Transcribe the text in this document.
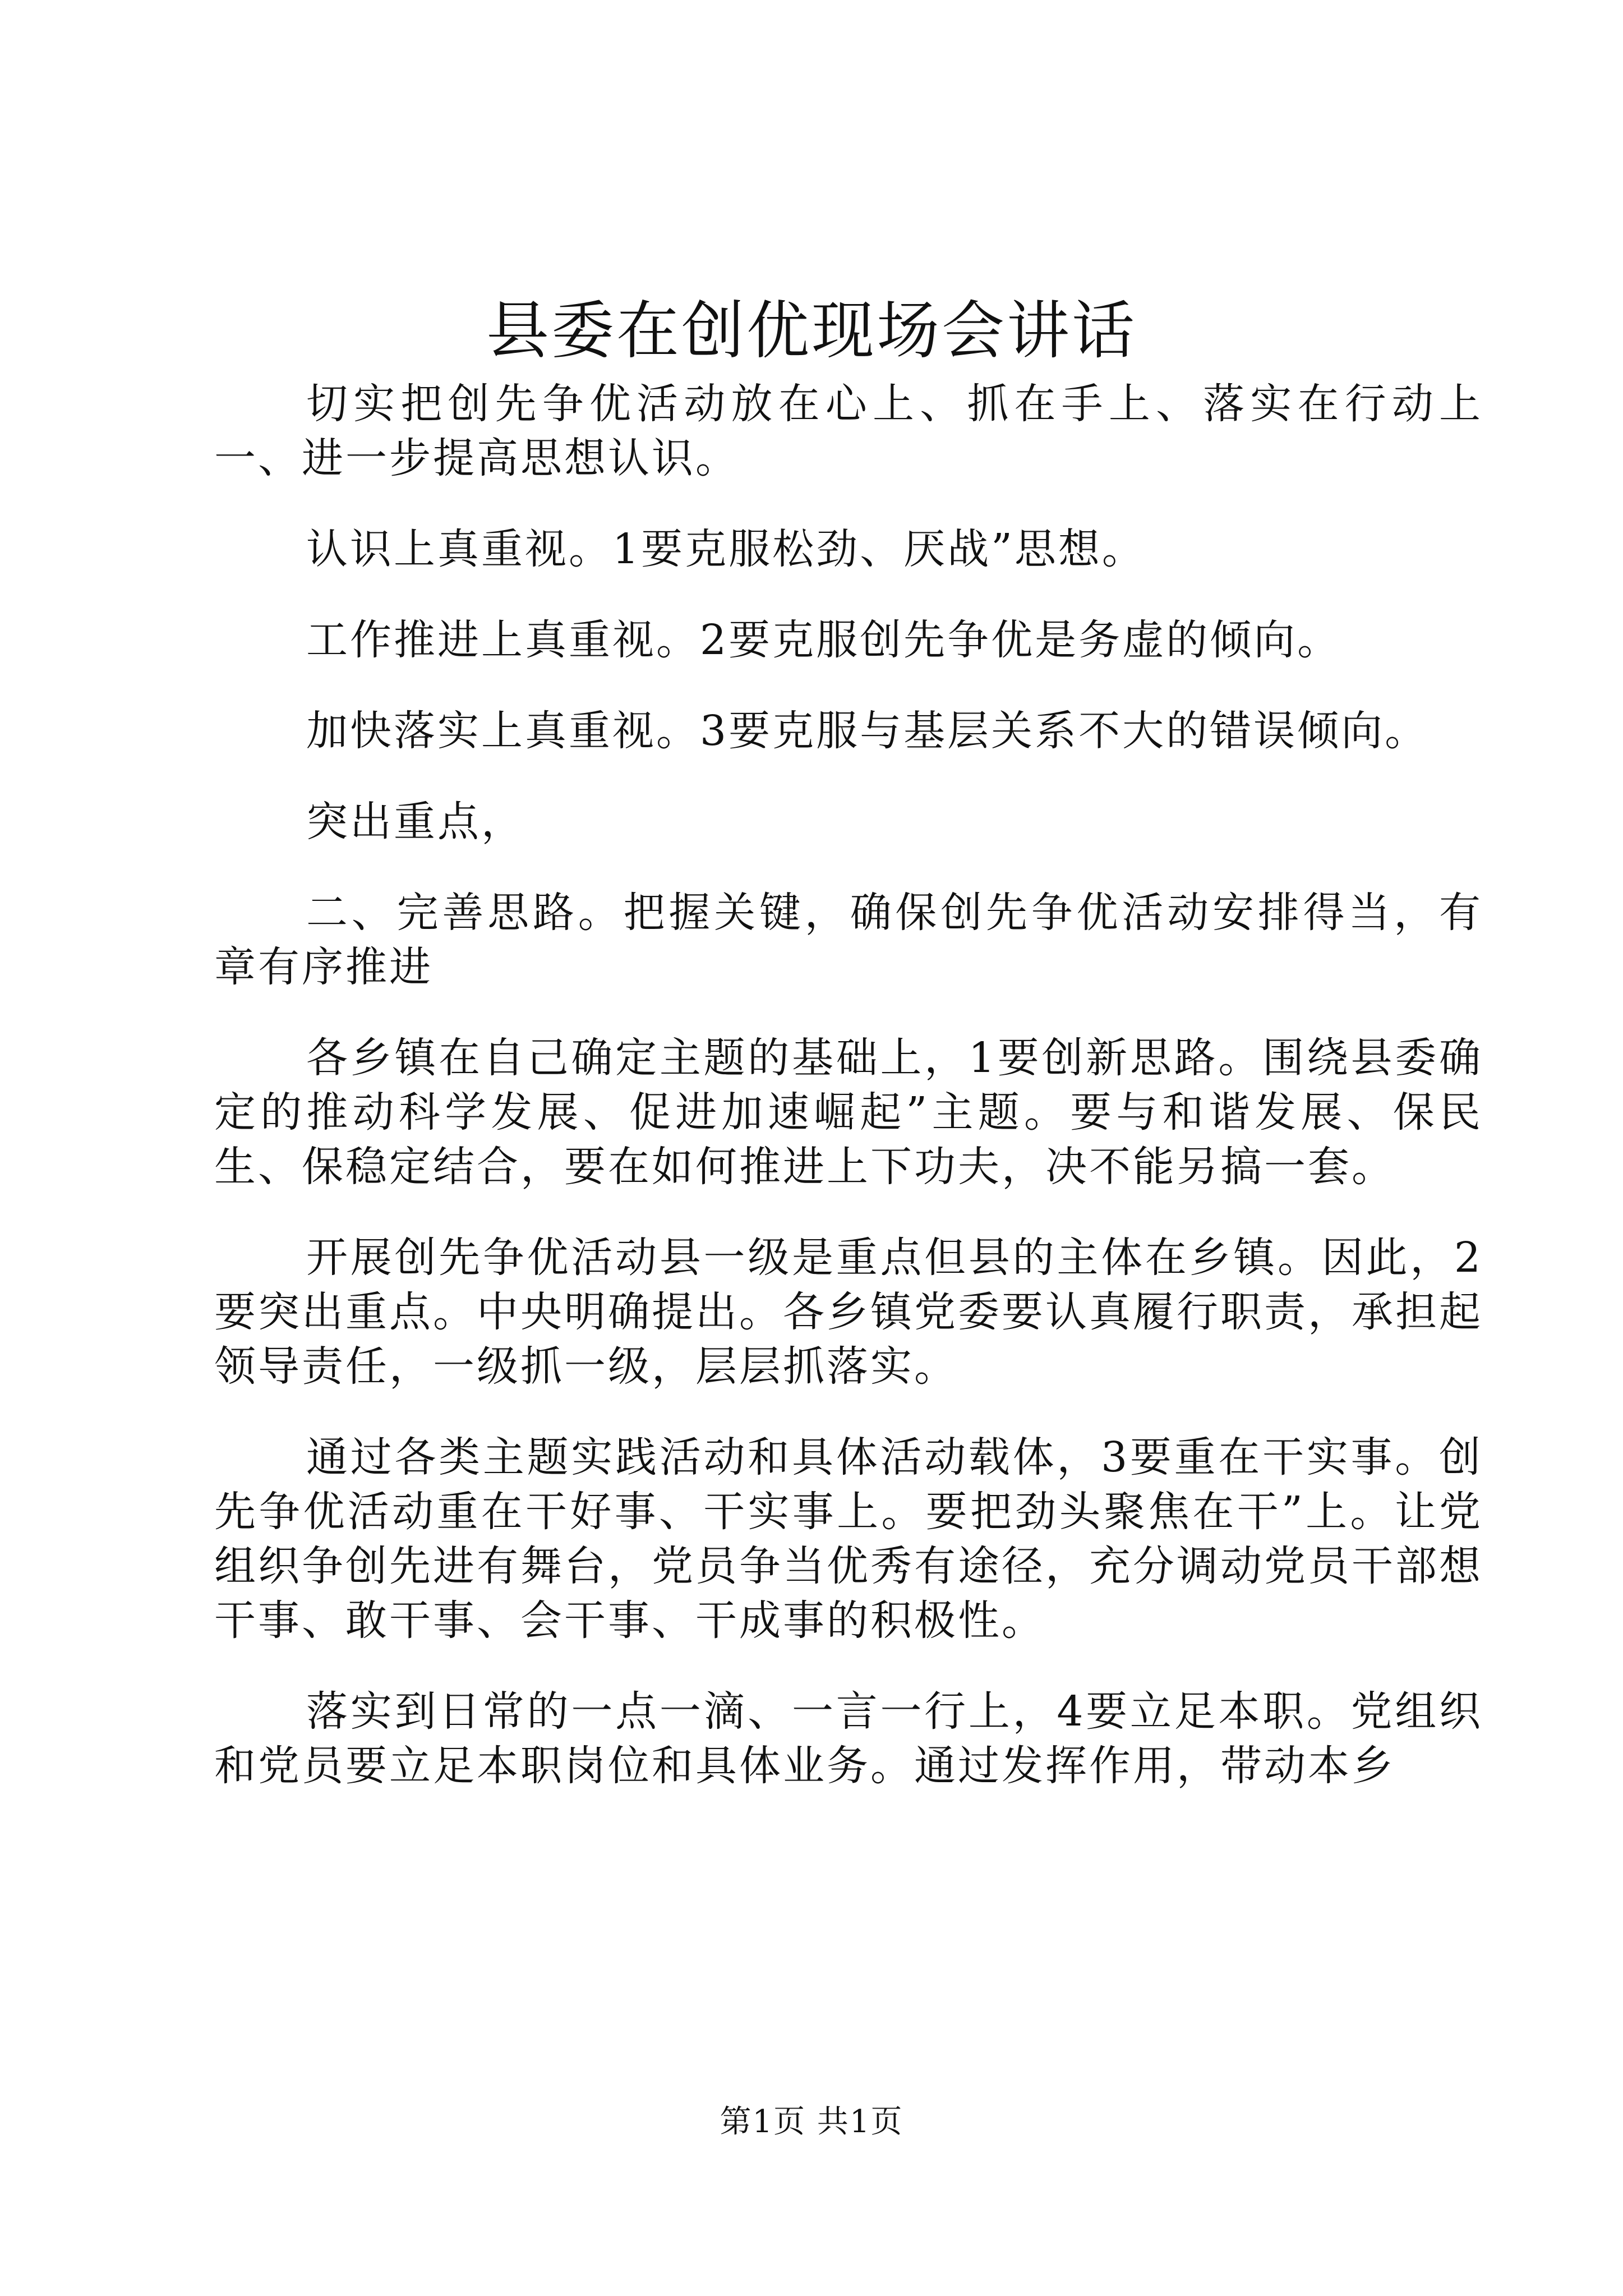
县委在创优现场会讲话

切实把创先争优活动放在心上、抓在手上、落实在行动上一、进一步提高思想认识。

认识上真重视。1要克服松劲、厌战”思想。

工作推进上真重视。2要克服创先争优是务虚的倾向。

加快落实上真重视。3要克服与基层关系不大的错误倾向。

突出重点，

二、完善思路。把握关键，确保创先争优活动安排得当，有章有序推进

各乡镇在自己确定主题的基础上，1要创新思路。围绕县委确定的推动科学发展、促进加速崛起”主题。要与和谐发展、保民生、保稳定结合，要在如何推进上下功夫，决不能另搞一套。

开展创先争优活动县一级是重点但县的主体在乡镇。因此，2要突出重点。中央明确提出。各乡镇党委要认真履行职责，承担起领导责任，一级抓一级，层层抓落实。

通过各类主题实践活动和具体活动载体，3要重在干实事。创先争优活动重在干好事、干实事上。要把劲头聚焦在干”上。让党组织争创先进有舞台，党员争当优秀有途径，充分调动党员干部想干事、敢干事、会干事、干成事的积极性。

落实到日常的一点一滴、一言一行上，4要立足本职。党组织和党员要立足本职岗位和具体业务。通过发挥作用，带动本乡

第1页 共1页
